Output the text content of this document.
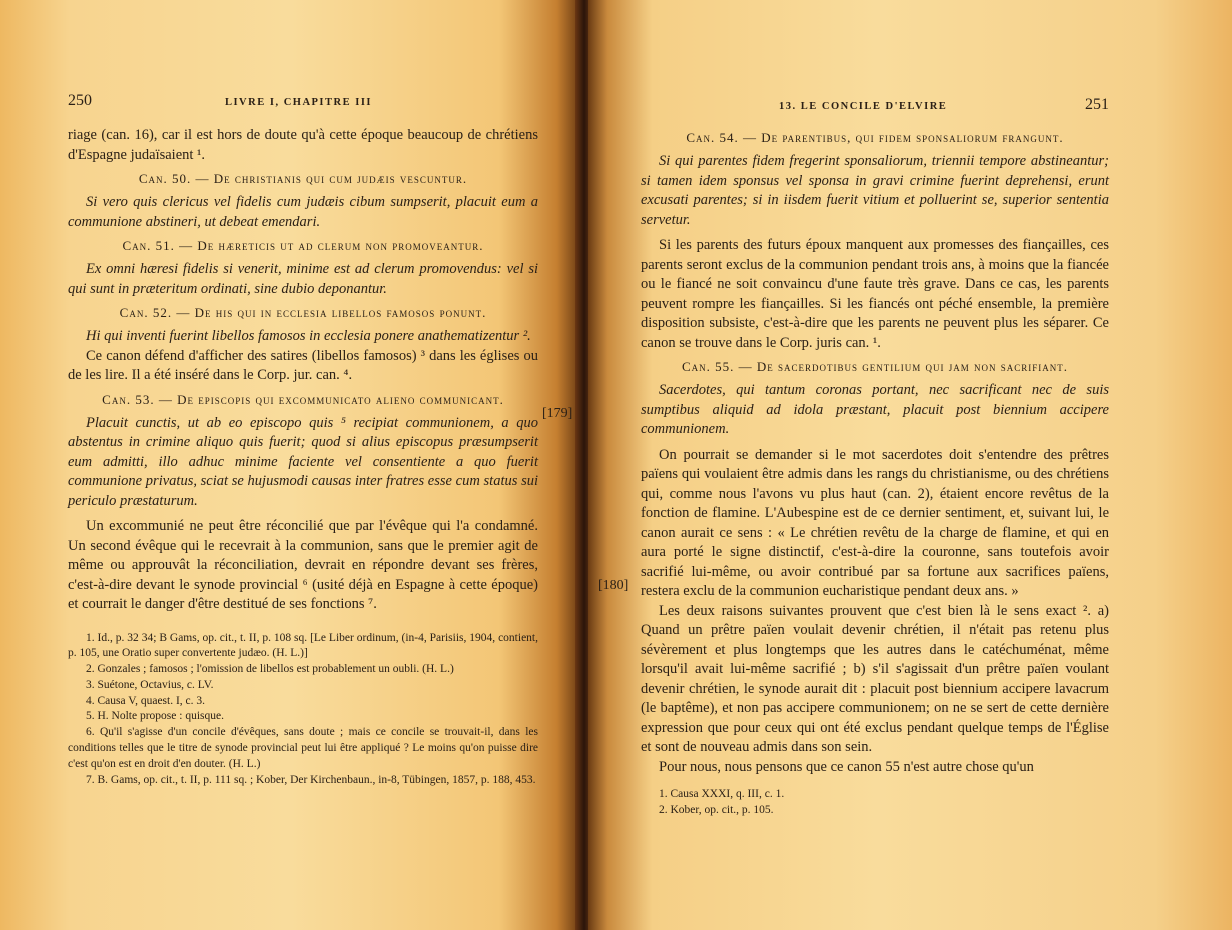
250	LIVRE I, CHAPITRE III

riage (can. 16), car il est hors de doute qu'à cette époque beaucoup de chrétiens d'Espagne judaïsaient ¹.

Can. 50. — De christianis qui cum judæis vescuntur.

Si vero quis clericus vel fidelis cum judæis cibum sumpserit, placuit eum a communione abstineri, ut debeat emendari.

Can. 51. — De hæreticis ut ad clerum non promoveantur.

Ex omni hæresi fidelis si venerit, minime est ad clerum promovendus: vel si qui sunt in præteritum ordinati, sine dubio deponantur.

Can. 52. — De his qui in ecclesia libellos famosos ponunt.

Hi qui inventi fuerint libellos famosos in ecclesia ponere anathematizentur ².

Ce canon défend d'afficher des satires (libellos famosos) ³ dans les églises ou de les lire. Il a été inséré dans le Corp. jur. can. ⁴.

Can. 53. — De episcopis qui excommunicato alieno communicant.

Placuit cunctis, ut ab eo episcopo quis ⁵ recipiat communionem, a quo abstentus in crimine aliquo quis fuerit; quod si alius episcopus præsumpserit eum admitti, illo adhuc minime faciente vel consentiente a quo fuerit communione privatus, sciat se hujusmodi causas inter fratres esse cum status sui periculo præstaturum.

Un excommunié ne peut être réconcilié que par l'évêque qui l'a condamné. Un second évêque qui le recevrait à la communion, sans que le premier agit de même ou approuvât la réconciliation, devrait en répondre devant ses frères, c'est-à-dire devant le synode provincial ⁶ (usité déjà en Espagne à cette époque) et courrait le danger d'être destitué de ses fonctions ⁷.

1. Id., p. 32 34; B Gams, op. cit., t. II, p. 108 sq. [Le Liber ordinum, (in-4, Parisiis, 1904, contient, p. 105, une Oratio super convertente judæo. (H. L.)]
2. Gonzales ; famosos ; l'omission de libellos est probablement un oubli. (H. L.)
3. Suétone, Octavius, c. LV.
4. Causa V, quaest. I, c. 3.
5. H. Nolte propose : quisque.
6. Qu'il s'agisse d'un concile d'évêques, sans doute ; mais ce concile se trouvait-il, dans les conditions telles que le titre de synode provincial peut lui être appliqué ? Le moins qu'on puisse dire c'est qu'on est en droit d'en douter. (H. L.)
7. B. Gams, op. cit., t. II, p. 111 sq. ; Kober, Der Kirchenbaun., in-8, Tübingen, 1857, p. 188, 453.
[179]
13. LE CONCILE D'ELVIRE	251
Can. 54. — De parentibus, qui fidem sponsaliorum frangunt.

Si qui parentes fidem fregerint sponsaliorum, triennii tempore abstineantur; si tamen idem sponsus vel sponsa in gravi crimine fuerint deprehensi, erunt excusati parentes; si in iisdem fuerit vitium et polluerint se, superior sententia servetur.

Si les parents des futurs époux manquent aux promesses des fiançailles, ces parents seront exclus de la communion pendant trois ans, à moins que la fiancée ou le fiancé ne soit convaincu d'une faute très grave. Dans ce cas, les parents peuvent rompre les fiançailles. Si les fiancés ont péché ensemble, la première disposition subsiste, c'est-à-dire que les parents ne peuvent plus les séparer. Ce canon se trouve dans le Corp. juris can. ¹.

Can. 55. — De sacerdotibus gentilium qui jam non sacrifiant.

Sacerdotes, qui tantum coronas portant, nec sacrificant nec de suis sumptibus aliquid ad idola præstant, placuit post biennium accipere communionem.

On pourrait se demander si le mot sacerdotes doit s'entendre des prêtres païens qui voulaient être admis dans les rangs du christianisme, ou des chrétiens qui, comme nous l'avons vu plus haut (can. 2), étaient encore revêtus de la fonction de flamine. L'Aubespine est de ce dernier sentiment, et, suivant lui, le canon aurait ce sens : « Le chrétien revêtu de la charge de flamine, et qui en aura porté le signe distinctif, c'est-à-dire la couronne, sans toutefois avoir sacrifié lui-même, ou avoir contribué par sa fortune aux sacrifices païens, restera exclu de la communion eucharistique pendant deux ans. »

Les deux raisons suivantes prouvent que c'est bien là le sens exact ². a) Quand un prêtre païen voulait devenir chrétien, il n'était pas retenu plus sévèrement et plus longtemps que les autres dans le catéchuménat, même lorsqu'il avait lui-même sacrifié ; b) s'il s'agissait d'un prêtre païen voulant devenir chrétien, le synode aurait dit : placuit post biennium accipere lavacrum (le baptême), et non pas accipere communionem; on ne se sert de cette dernière expression que pour ceux qui ont été exclus pendant quelque temps de l'Église et sont de nouveau admis dans son sein.

Pour nous, nous pensons que ce canon 55 n'est autre chose qu'un

1. Causa XXXI, q. III, c. 1.
2. Kober, op. cit., p. 105.
[180]
